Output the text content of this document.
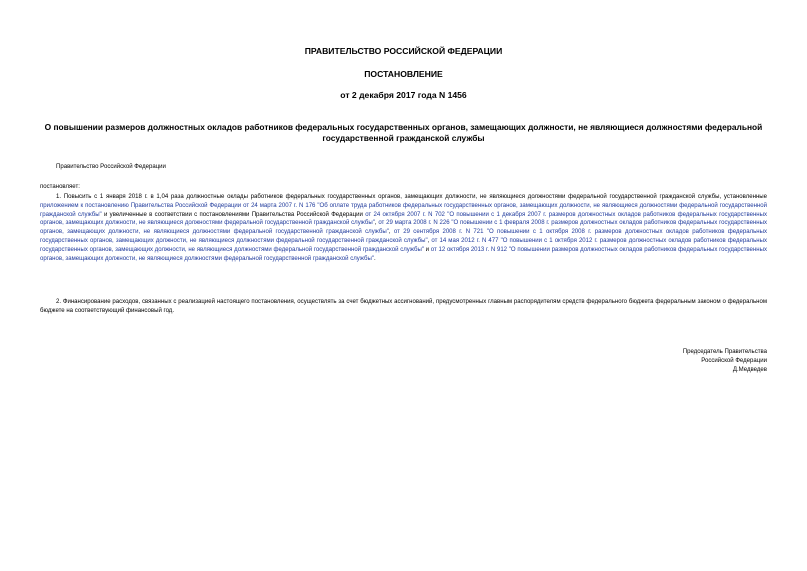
ПРАВИТЕЛЬСТВО РОССИЙСКОЙ ФЕДЕРАЦИИ

ПОСТАНОВЛЕНИЕ

от 2 декабря 2017 года N 1456

О повышении размеров должностных окладов работников федеральных государственных органов, замещающих должности, не являющиеся должностями федеральной государственной гражданской службы

Правительство Российской Федерации
постановляет:

1. Повысить с 1 января 2018 г. в 1,04 раза должностные оклады работников федеральных государственных органов, замещающих должности, не являющиеся должностями федеральной государственной гражданской службы, установленные приложением к постановлению Правительства Российской Федерации от 24 марта 2007 г. N 176 "Об оплате труда работников федеральных государственных органов, замещающих должности, не являющиеся должностями федеральной государственной гражданской службы" и увеличенные в соответствии с постановлениями Правительства Российской Федерации от 24 октября 2007 г. N 702 "О повышении с 1 декабря 2007 г. размеров должностных окладов работников федеральных государственных органов, замещающих должности, не являющиеся должностями федеральной государственной гражданской службы", от 29 марта 2008 г. N 226 "О повышении с 1 февраля 2008 г. размеров должностных окладов работников федеральных государственных органов, замещающих должности, не являющиеся должностями федеральной государственной гражданской службы", от 29 сентября 2008 г. N 721 "О повышении с 1 октября 2008 г. размеров должностных окладов работников федеральных государственных органов, замещающих должности, не являющиеся должностями федеральной государственной гражданской службы", от 14 мая 2012 г. N 477 "О повышении с 1 октября 2012 г. размеров должностных окладов работников федеральных государственных органов, замещающих должности, не являющиеся должностями федеральной государственной гражданской службы" и от 12 октября 2013 г. N 912 "О повышении размеров должностных окладов работников федеральных государственных органов, замещающих должности, не являющиеся должностями федеральной государственной гражданской службы".

2. Финансирование расходов, связанных с реализацией настоящего постановления, осуществлять за счет бюджетных ассигнований, предусмотренных главным распорядителям средств федерального бюджета федеральным законом о федеральном бюджете на соответствующий финансовый год.

Председатель Правительства
Российской Федерации
Д.Медведев
